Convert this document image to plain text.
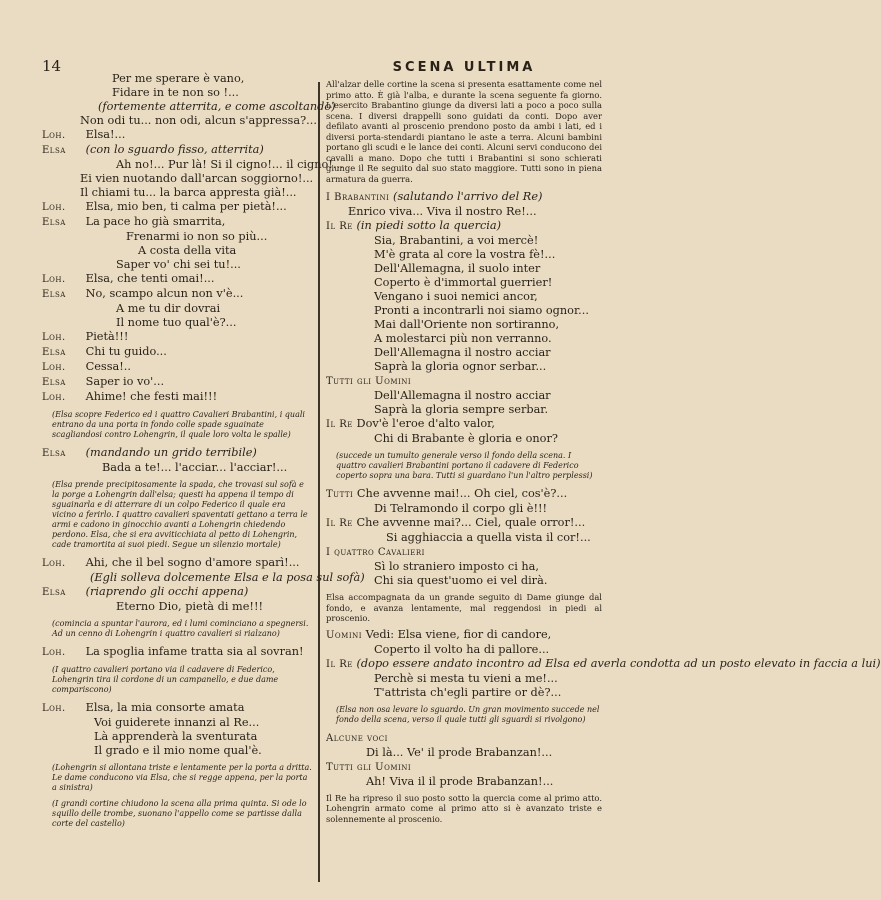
14
Per me sperare è vano,
Fidare in te non so !...
(fortemente atterrita, e come ascoltando)
Non odi tu... non odi, alcun s'appressa?...
Loh. Elsa!...
Elsa (con lo sguardo fisso, atterrita)
Ah no!... Pur là! Si il cigno!... il cigno!...
Ei vien nuotando dall'arcan soggiorno!...
Il chiami tu... la barca appresta già!...
Loh. Elsa, mio ben, ti calma per pietà!...
Elsa La pace ho già smarrita,
Frenarmi io non so più...
A costa della vita
Saper vo' chi sei tu!...
Loh. Elsa, che tenti omai!...
Elsa No, scampo alcun non v'è...
A me tu dir dovrai
Il nome tuo qual'è?...
Loh. Pietà!!!
Elsa Chi tu guido...
Loh. Cessa!..
Elsa Saper io vo'...
Loh. Ahime! che festi mai!!!
(Elsa scopre Federico ed i quattro Cavalieri Brabantini, i quali entrano da una porta in fondo colle spade sguainate scagliandosi contro Lohengrin, il quale loro volta le spalle)
Elsa (mandando un grido terribile)
Bada a te!... l'acciar... l'acciar!...
(Elsa prende precipitosamente la spada, che trovasi sul sofà e la porge a Lohengrin dall'elsa; questi ha appena il tempo di sguainarla e di atterrare di un colpo Federico il quale era vicino a ferirlo. I quattro cavalieri spaventati gettano a terra le armi e cadono in ginocchio avanti a Lohengrin chiedendo perdono. Elsa, che si era avviticchiata al petto di Lohengrin, cade tramortita ai suoi piedi. Segue un silenzio mortale)
Loh. Ahi, che il bel sogno d'amore sparì!...
(Egli solleva dolcemente Elsa e la posa sul sofà)
Elsa (riaprendo gli occhi appena)
Eterno Dio, pietà di me!!!
(comincia a spuntar l'aurora, ed i lumi cominciano a spegnersi. Ad un cenno di Lohengrin i quattro cavalieri si rialzano)
Loh. La spoglia infame tratta sia al sovran!
(I quattro cavalieri portano via il cadavere di Federico, Lohengrin tira il cordone di un campanello, e due dame compariscono)
Loh. Elsa, la mia consorte amata
Voi guiderete innanzi al Re...
Là apprenderà la sventurata
Il grado e il mio nome qual'è.
(Lohengrin si allontana triste e lentamente per la porta a dritta. Le dame conducono via Elsa, che si regge appena, per la porta a sinistra)
(I grandi cortine chiudono la scena alla prima quinta. Si ode lo squillo delle trombe, suonano l'appello come se partisse dalla corte del castello)
SCENA ULTIMA
All'alzar delle cortine la scena si presenta esattamente come nel primo atto. È già l'alba, e durante la scena seguente fa giorno. L'esercito Brabantino giunge da diversi lati a poco a poco sulla scena. I diversi drappelli sono guidati da conti. Dopo aver defilato avanti al proscenio prendono posto da ambi i lati, ed i diversi porta-stendardi piantano le aste a terra. Alcuni bambini portano gli scudi e le lance dei conti. Alcuni servi conducono dei cavalli a mano. Dopo che tutti i Brabantini si sono schierati giunge il Re seguito dal suo stato maggiore. Tutti sono in piena armatura da guerra.
I Brabantini (salutando l'arrivo del Re)
Enrico viva... Viva il nostro Re!...
Il Re (in piedi sotto la quercia)
Sia, Brabantini, a voi mercè!
M'è grata al core la vostra fè!...
Dell'Allemagna, il suolo inter
Coperto è d'immortal guerrier!
Vengano i suoi nemici ancor,
Pronti a incontrarli noi siamo ognor...
Mai dall'Oriente non sortiranno,
A molestarci più non verranno.
Dell'Allemagna il nostro acciar
Saprà la gloria ognor serbar...
Tutti gli Uomini
Dell'Allemagna il nostro acciar
Saprà la gloria sempre serbar.
Il Re Dov'è l'eroe d'alto valor,
Chi di Brabante è gloria e onor?
(succede un tumulto generale verso il fondo della scena. I quattro cavalieri Brabantini portano il cadavere di Federico coperto sopra una bara. Tutti si guardano l'un l'altro perplessi)
Tutti Che avvenne mai!... Oh ciel, cos'è?...
Di Telramondo il corpo gli è!!!
Il Re Che avvenne mai?... Ciel, quale orror!...
Si agghiaccia a quella vista il cor!...
I quattro Cavalieri
Sì lo straniero imposto ci ha,
Chi sia quest'uomo ei vel dirà.
Elsa accompagnata da un grande seguito di Dame giunge dal fondo, e avanza lentamente, mal reggendosi in piedi al proscenio.
Uomini Vedi: Elsa viene, fior di candore,
Coperto il volto ha di pallore...
Il Re (dopo essere andato incontro ad Elsa ed averla condotta ad un posto elevato in faccia a lui)
Perchè si mesta tu vieni a me!...
T'attrista ch'egli partire or dè?...
(Elsa non osa levare lo sguardo. Un gran movimento succede nel fondo della scena, verso il quale tutti gli sguardi si rivolgono)
Alcune voci
Di là... Ve' il prode Brabanzan!...
Tutti gli Uomini
Ah! Viva il il prode Brabanzan!...
Il Re ha ripreso il suo posto sotto la quercia come al primo atto. Lohengrin armato come al primo atto si è avanzato triste e solennemente al proscenio.
